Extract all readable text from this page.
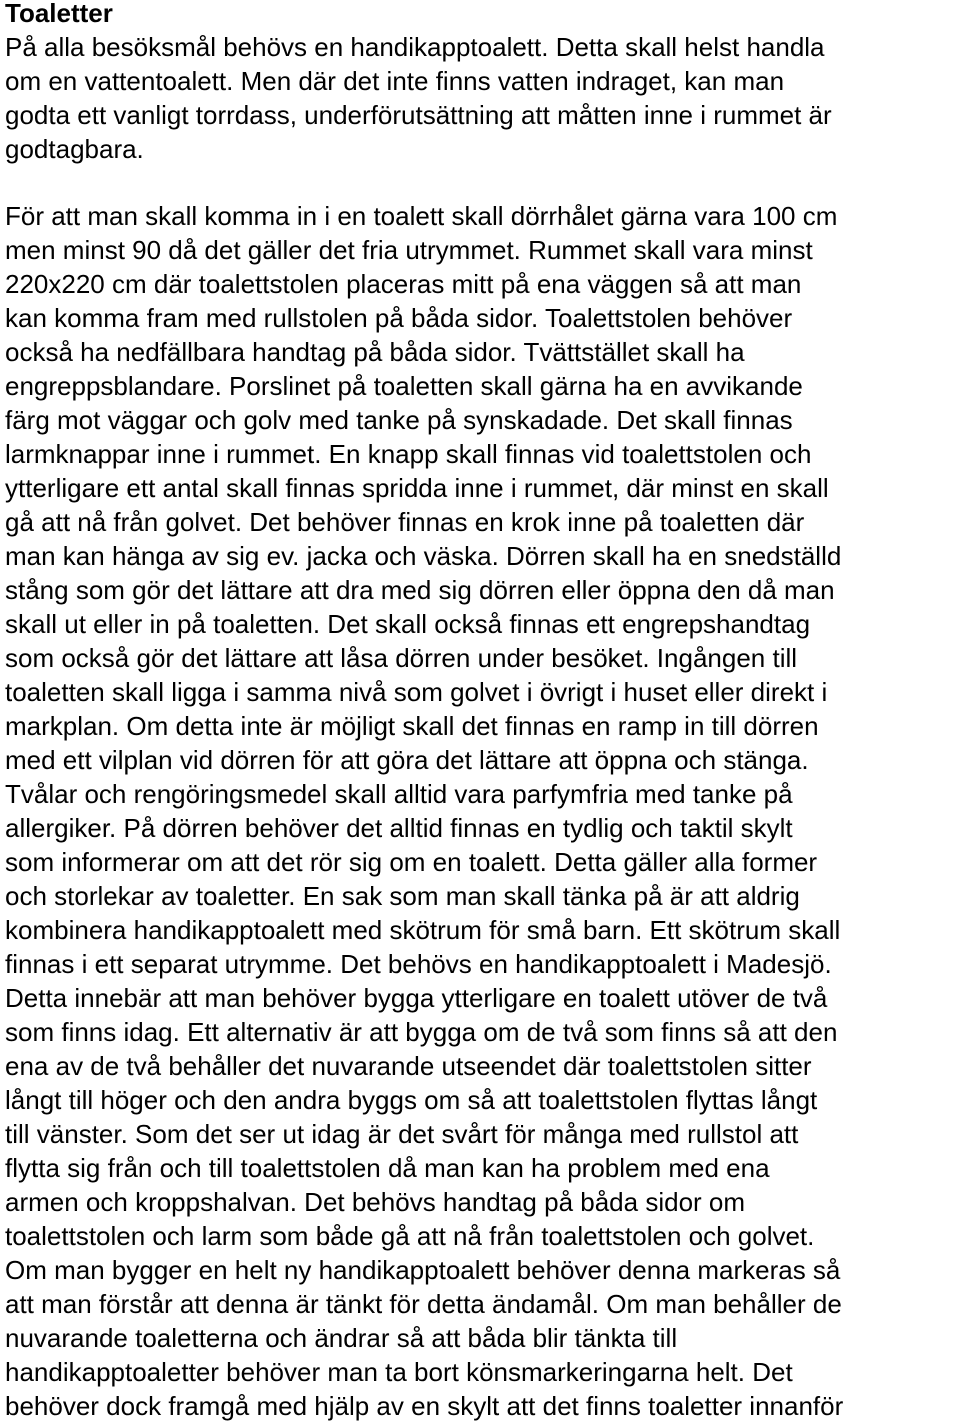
Toaletter
På alla besöksmål behövs en handikapptoalett. Detta skall helst handla
om en vattentoalett. Men där det inte finns vatten indraget, kan man
godta ett vanligt torrdass, underförutsättning att måtten inne i rummet är
godtagbara.
För att man skall komma in i en toalett skall dörrhålet gärna vara 100 cm
men minst 90 då det gäller det fria utrymmet. Rummet skall vara minst
220x220 cm där toalettstolen placeras mitt på ena väggen så att man
kan komma fram med rullstolen på båda sidor. Toalettstolen behöver
också ha nedfällbara handtag på båda sidor. Tvättstället skall ha
engreppsblandare. Porslinet på toaletten skall gärna ha en avvikande
färg mot väggar och golv med tanke på synskadade. Det skall finnas
larmknappar inne i rummet. En knapp skall finnas vid toalettstolen och
ytterligare ett antal skall finnas spridda inne i rummet, där minst en skall
gå att nå från golvet. Det behöver finnas en krok inne på toaletten där
man kan hänga av sig ev. jacka och väska. Dörren skall ha en snedställd
stång som gör det lättare att dra med sig dörren eller öppna den då man
skall ut eller in på toaletten. Det skall också finnas ett engrepshandtag
som också gör det lättare att låsa dörren under besöket. Ingången till
toaletten skall ligga i samma nivå som golvet i övrigt i huset eller direkt i
markplan. Om detta inte är möjligt skall det finnas en ramp in till dörren
med ett vilplan vid dörren för att göra det lättare att öppna och stänga.
Tvålar och rengöringsmedel skall alltid vara parfymfria med tanke på
allergiker. På dörren behöver det alltid finnas en tydlig och taktil skylt
som informerar om att det rör sig om en toalett. Detta gäller alla former
och storlekar av toaletter. En sak som man skall tänka på är att aldrig
kombinera handikapptoalett med skötrum för små barn. Ett skötrum skall
finnas i ett separat utrymme. Det behövs en handikapptoalett i Madesjö.
Detta innebär att man behöver bygga ytterligare en toalett utöver de två
som finns idag. Ett alternativ är att bygga om de två som finns så att den
ena av de två behåller det nuvarande utseendet där toalettstolen sitter
långt till höger och den andra byggs om så att toalettstolen flyttas långt
till vänster. Som det ser ut idag är det svårt för många med rullstol att
flytta sig från och till toalettstolen då man kan ha problem med ena
armen och kroppshalvan. Det behövs handtag på båda sidor om
toalettstolen och larm som både gå att nå från toalettstolen och golvet.
Om man bygger en helt ny handikapptoalett behöver denna markeras så
att man förstår att denna är tänkt för detta ändamål. Om man behåller de
nuvarande toaletterna och ändrar så att båda blir tänkta till
handikapptoaletter behöver man ta bort könsmarkeringarna helt. Det
behöver dock framgå med hjälp av en skylt att det finns toaletter innanför
